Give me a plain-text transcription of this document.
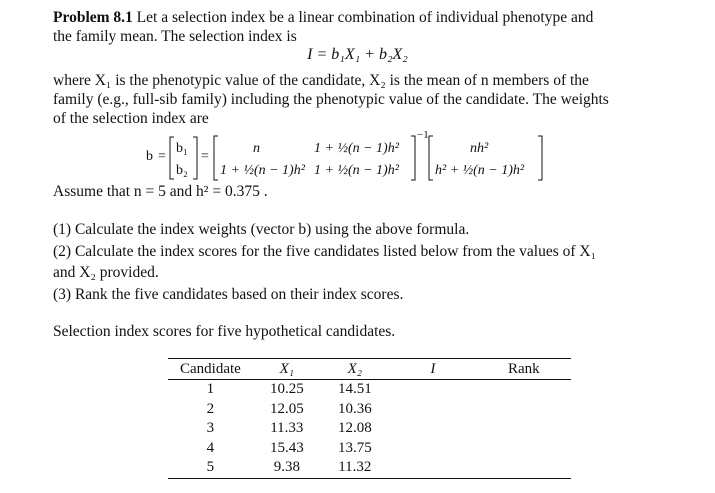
Problem 8.1 Let a selection index be a linear combination of individual phenotype and
the family mean. The selection index is
I = b₁X₁ + b₂X₂
where X₁ is the phenotypic value of the candidate, X₂ is the mean of n members of the
family (e.g., full-sib family) including the phenotypic value of the candidate. The weights
of the selection index are
b =
b₁
b₂
=
n	1 + ½(n − 1)h²
1 + ½(n − 1)h² 1 + ½(n − 1)h²
−1
nh²
h² + ½(n − 1)h²
Assume that n = 5 and h² = 0.375 .
(1) Calculate the index weights (vector b) using the above formula.
(2) Calculate the index scores for the five candidates listed below from the values of X₁
and X₂ provided.
(3) Rank the five candidates based on their index scores.
Selection index scores for five hypothetical candidates.
Candidate	X₁	X₂	I	Rank
1	10.25	14.51		
2	12.05	10.36		
3	11.33	12.08		
4	15.43	13.75		
5	9.38	11.32		
